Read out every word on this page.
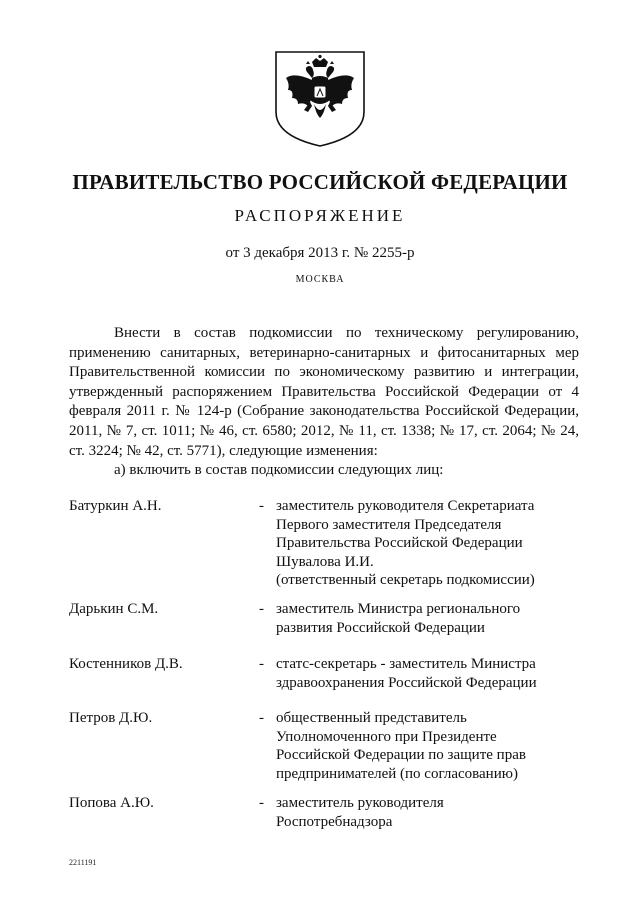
ПРАВИТЕЛЬСТВО РОССИЙСКОЙ ФЕДЕРАЦИИ
РАСПОРЯЖЕНИЕ
от 3 декабря 2013 г. № 2255-р
МОСКВА

Внести в состав подкомиссии по техническому регулированию, применению санитарных, ветеринарно-санитарных и фитосанитарных мер Правительственной комиссии по экономическому развитию и интеграции, утвержденный распоряжением Правительства Российской Федерации от 4 февраля 2011 г. № 124-р (Собрание законодательства Российской Федерации, 2011, № 7, ст. 1011; № 46, ст. 6580; 2012, № 11, ст. 1338; № 17, ст. 2064; № 24, ст. 3224; № 42, ст. 5771), следующие изменения:

а) включить в состав подкомиссии следующих лиц:

Батуркин А.Н.	- заместитель руководителя Секретариата
Первого заместителя Председателя
Правительства Российской Федерации
Шувалова И.И.
(ответственный секретарь подкомиссии)
Дарькин С.М.	- заместитель Министра регионального
развития Российской Федерации
Костенников Д.В.	- статс-секретарь - заместитель Министра
здравоохранения Российской Федерации
Петров Д.Ю.	- общественный представитель
Уполномоченного при Президенте
Российской Федерации по защите прав
предпринимателей (по согласованию)
Попова А.Ю.	- заместитель руководителя
Роспотребнадзора
2211191
